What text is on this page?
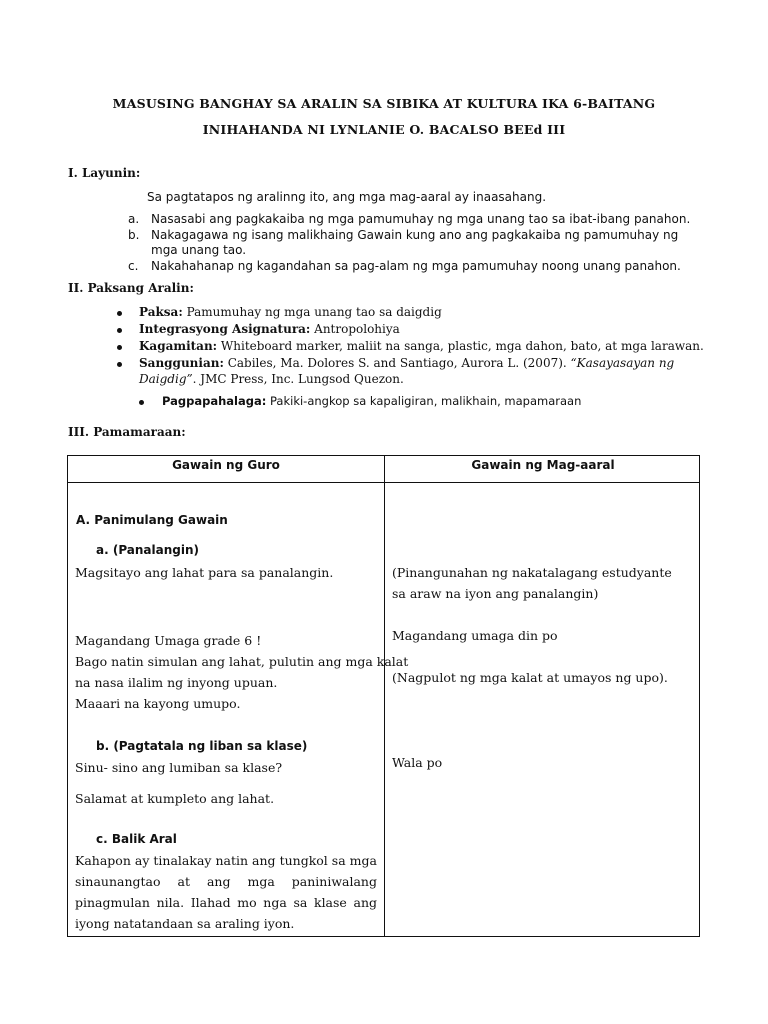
MASUSING BANGHAY SA ARALIN SA SIBIKA AT KULTURA IKA 6-BAITANG
INIHAHANDA NI LYNLANIE O. BACALSO BEEd III
I. Layunin:
Sa pagtatapos ng aralinng ito, ang mga mag-aaral ay inaasahang.
a. Nasasabi ang pagkakaiba ng mga pamumuhay ng mga unang tao sa ibat-ibang panahon.
b. Nakagagawa ng isang malikhaing Gawain kung ano ang pagkakaiba ng pamumuhay ng
mga unang tao.
c. Nakahahanap ng kagandahan sa pag-alam ng mga pamumuhay noong unang panahon.
II. Paksang Aralin:
Paksa: Pamumuhay ng mga unang tao sa daigdig
Integrasyong Asignatura: Antropolohiya
Kagamitan: Whiteboard marker, maliit na sanga, plastic, mga dahon, bato, at mga larawan.
Sanggunian: Cabiles, Ma. Dolores S. and Santiago, Aurora L. (2007). “Kasayasayan ng
Daigdig”. JMC Press, Inc. Lungsod Quezon.
Pagpapahalaga: Pakiki-angkop sa kapaligiran, malikhain, mapamaraan
III. Pamamaraan:
Gawain ng Guro	Gawain ng Mag-aaral
A. Panimulang Gawain
a. (Panalangin)
Magsitayo ang lahat para sa panalangin.	(Pinangunahan ng nakatalagang estudyante
sa araw na iyon ang panalangin)
Magandang Umaga grade 6 !
Bago natin simulan ang lahat, pulutin ang mga kalat
na nasa ilalim ng inyong upuan.
Maaari na kayong umupo.
Magandang umaga din po
(Nagpulot ng mga kalat at umayos ng upo).
b. (Pagtatala ng liban sa klase)
Sinu- sino ang lumiban sa klase?
Salamat at kumpleto ang lahat.
Wala po
c. Balik Aral
Kahapon ay tinalakay natin ang tungkol sa mga sinaunangtao at ang mga paniniwalang pinagmulan nila. Ilahad mo nga sa klase ang iyong natatandaan sa araling iyon.
